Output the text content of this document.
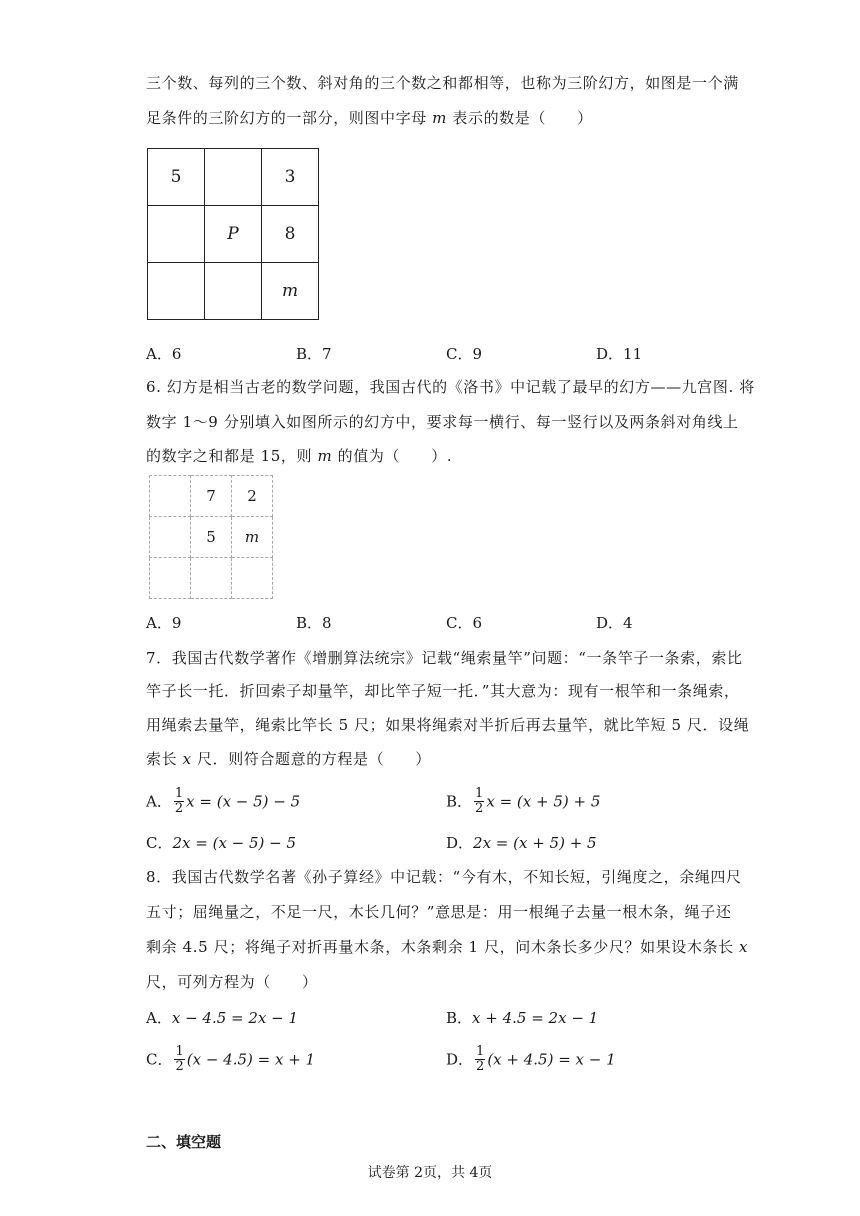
三个数、每列的三个数、斜对角的三个数之和都相等，也称为三阶幻方，如图是一个满
足条件的三阶幻方的一部分，则图中字母 m 表示的数是（　　）
5		3
	P	8
		m
A．6	B．7	C．9	D．11
6. 幻方是相当古老的数学问题，我国古代的《洛书》中记载了最早的幻方——九宫图. 将
数字 1～9 分别填入如图所示的幻方中，要求每一横行、每一竖行以及两条斜对角线上
的数字之和都是 15，则 m 的值为（　　）.
	7	2
	5	m

A．9	B．8	C．6	D．4
7．我国古代数学著作《增删算法统宗》记载“绳索量竿”问题：“一条竿子一条索，索比
竿子长一托．折回索子却量竿，却比竿子短一托．”其大意为：现有一根竿和一条绳索，
用绳索去量竿，绳索比竿长 5 尺；如果将绳索对半折后再去量竿，就比竿短 5 尺．设绳
索长 x 尺．则符合题意的方程是（　　）
A． $\frac{1}{2}$ x = (x − 5) − 5	B． $\frac{1}{2}$ x = (x + 5) + 5
C．2x = (x − 5) − 5	D．2x = (x + 5) + 5
8．我国古代数学名著《孙子算经》中记载：“今有木，不知长短，引绳度之，余绳四尺
五寸；屈绳量之，不足一尺，木长几何？”意思是：用一根绳子去量一根木条，绳子还
剩余 4.5 尺；将绳子对折再量木条，木条剩余 1 尺，问木条长多少尺？如果设木条长 x
尺，可列方程为（　　）
A．x − 4.5 = 2x − 1	B．x + 4.5 = 2x − 1
C． $\frac{1}{2} (x - 4.5) = x + 1$	D． $\frac{1}{2} (x + 4.5) = x - 1$
二、填空题
试卷第 2页，共 4页
